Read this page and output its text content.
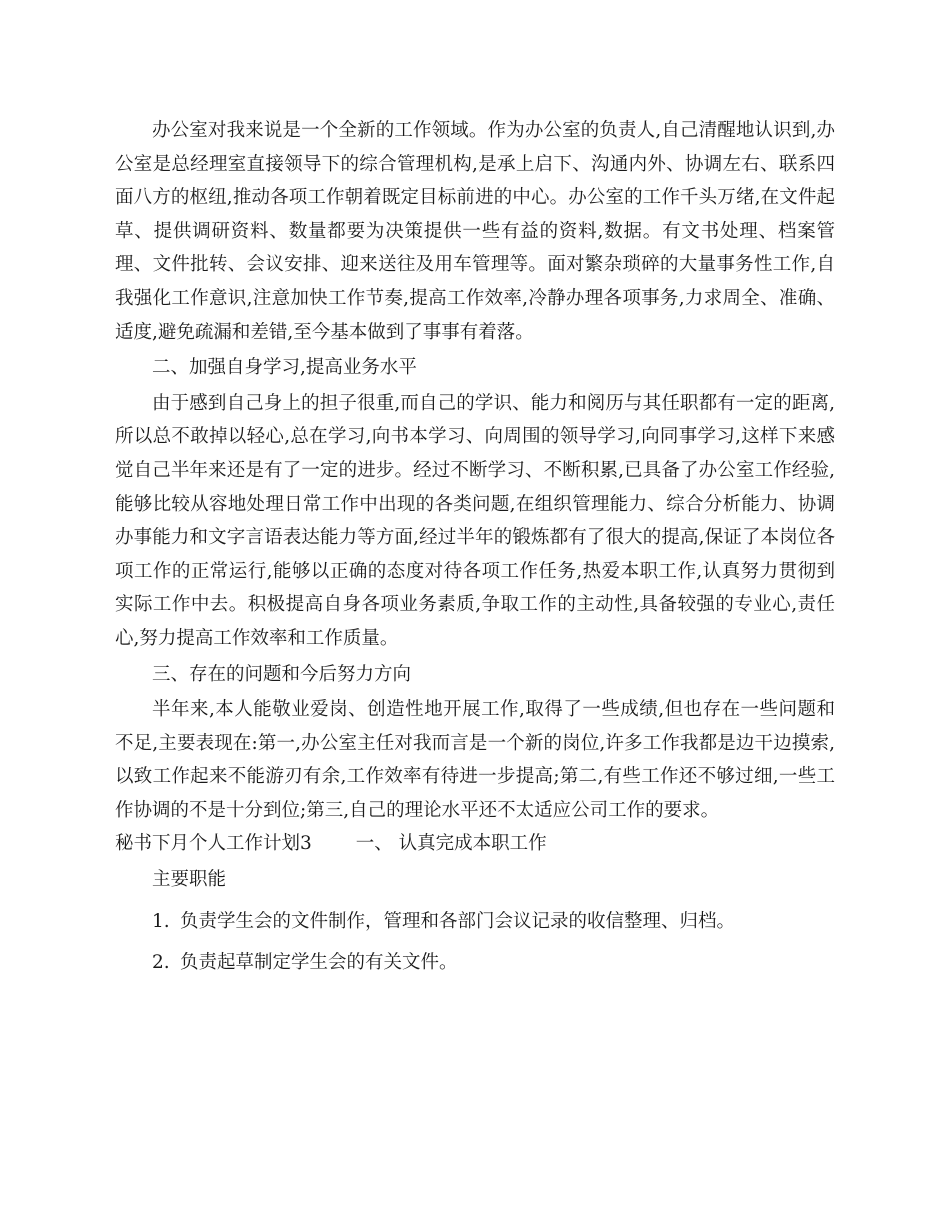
办公室对我来说是一个全新的工作领域。作为办公室的负责人,自己清醒地认识到,办公室是总经理室直接领导下的综合管理机构,是承上启下、沟通内外、协调左右、联系四面八方的枢纽,推动各项工作朝着既定目标前进的中心。办公室的工作千头万绪,在文件起草、提供调研资料、数量都要为决策提供一些有益的资料,数据。有文书处理、档案管理、文件批转、会议安排、迎来送往及用车管理等。面对繁杂琐碎的大量事务性工作,自我强化工作意识,注意加快工作节奏,提高工作效率,冷静办理各项事务,力求周全、准确、适度,避免疏漏和差错,至今基本做到了事事有着落。

二、加强自身学习,提高业务水平

由于感到自己身上的担子很重,而自己的学识、能力和阅历与其任职都有一定的距离,所以总不敢掉以轻心,总在学习,向书本学习、向周围的领导学习,向同事学习,这样下来感觉自己半年来还是有了一定的进步。经过不断学习、不断积累,已具备了办公室工作经验,能够比较从容地处理日常工作中出现的各类问题,在组织管理能力、综合分析能力、协调办事能力和文字言语表达能力等方面,经过半年的锻炼都有了很大的提高,保证了本岗位各项工作的正常运行,能够以正确的态度对待各项工作任务,热爱本职工作,认真努力贯彻到实际工作中去。积极提高自身各项业务素质,争取工作的主动性,具备较强的专业心,责任心,努力提高工作效率和工作质量。

三、存在的问题和今后努力方向

半年来,本人能敬业爱岗、创造性地开展工作,取得了一些成绩,但也存在一些问题和不足,主要表现在:第一,办公室主任对我而言是一个新的岗位,许多工作我都是边干边摸索,以致工作起来不能游刃有余,工作效率有待进一步提高;第二,有些工作还不够过细,一些工作协调的不是十分到位;第三,自己的理论水平还不太适应公司工作的要求。

秘书下月个人工作计划3 一、 认真完成本职工作

主要职能

1. 负责学生会的文件制作，管理和各部门会议记录的收信整理、归档。

2. 负责起草制定学生会的有关文件。
